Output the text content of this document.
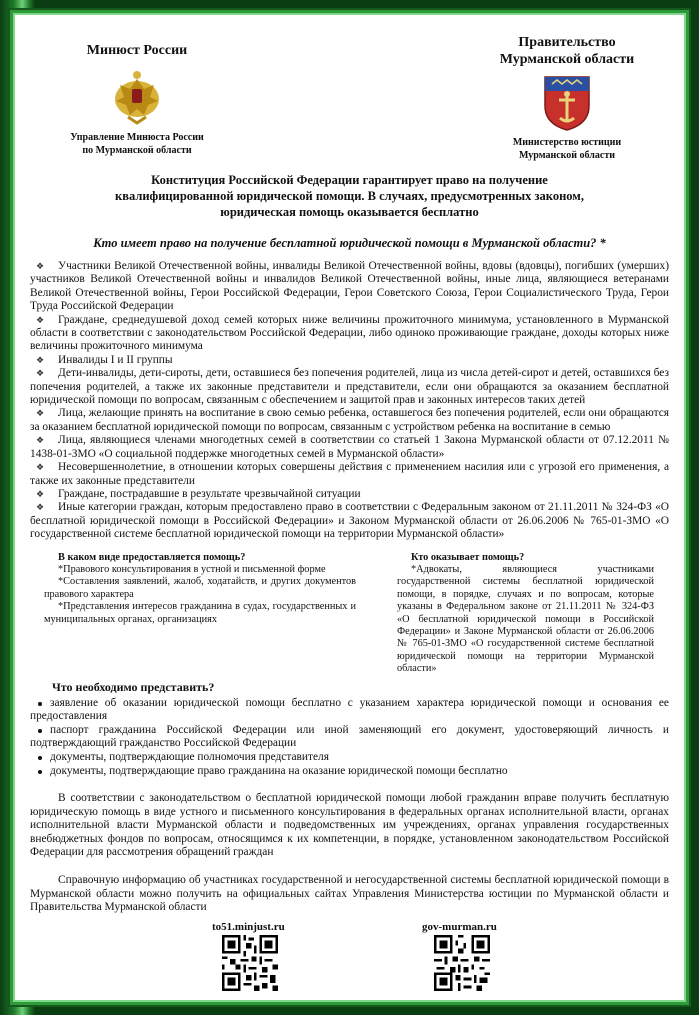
Минюст России
Управление Минюста России
по Мурманской области
Правительство
Мурманской области
Министерство юстиции
Мурманской области
Конституция Российской Федерации гарантирует право на получение
квалифицированной юридической помощи. В случаях, предусмотренных законом,
юридическая помощь оказывается бесплатно
Кто имеет право на получение бесплатной юридической помощи в Мурманской области? *
❖ Участники Великой Отечественной войны, инвалиды Великой Отечественной войны, вдовы (вдовцы), погибших (умерших) участников Великой Отечественной войны и инвалидов Великой Отечественной войны, иные лица, являющиеся ветеранами Великой Отечественной войны, Герои Российской Федерации, Герои Советского Союза, Герои Социалистического Труда, Герои Труда Российской Федерации
❖ Граждане, среднедушевой доход семей которых ниже величины прожиточного минимума, установленного в Мурманской области в соответствии с законодательством Российской Федерации, либо одиноко проживающие граждане, доходы которых ниже величины прожиточного минимума
❖ Инвалиды I и II группы
❖ Дети-инвалиды, дети-сироты, дети, оставшиеся без попечения родителей, лица из числа детей-сирот и детей, оставшихся без попечения родителей, а также их законные представители и представители, если они обращаются за оказанием бесплатной юридической помощи по вопросам, связанным с обеспечением и защитой прав и законных интересов таких детей
❖ Лица, желающие принять на воспитание в свою семью ребенка, оставшегося без попечения родителей, если они обращаются за оказанием бесплатной юридической помощи по вопросам, связанным с устройством ребенка на воспитание в семью
❖ Лица, являющиеся членами многодетных семей в соответствии со статьей 1 Закона Мурманской области от 07.12.2011 № 1438-01-ЗМО «О социальной поддержке многодетных семей в Мурманской области»
❖ Несовершеннолетние, в отношении которых совершены действия с применением насилия или с угрозой его применения, а также их законные представители
❖ Граждане, пострадавшие в результате чрезвычайной ситуации
❖ Иные категории граждан, которым предоставлено право в соответствии с Федеральным законом от 21.11.2011 № 324-ФЗ «О бесплатной юридической помощи в Российской Федерации» и Законом Мурманской области от 26.06.2006 № 765-01-ЗМО «О государственной системе бесплатной юридической помощи на территории Мурманской области»
В каком виде предоставляется помощь?
*Правового консультирования в устной и письменной форме
*Составления заявлений, жалоб, ходатайств, и других документов правового характера
*Представления интересов гражданина в судах, государственных и муниципальных органах, организациях
Кто оказывает помощь?
*Адвокаты, являющиеся участниками государственной системы бесплатной юридической помощи, в порядке, случаях и по вопросам, которые указаны в Федеральном законе от 21.11.2011 № 324-ФЗ «О бесплатной юридической помощи в Российской Федерации» и Законе Мурманской области от 26.06.2006 № 765-01-ЗМО «О государственной системе бесплатной юридической помощи на территории Мурманской области»
Что необходимо представить?
заявление об оказании юридической помощи бесплатно с указанием характера юридической помощи и основания ее предоставления
паспорт гражданина Российской Федерации или иной заменяющий его документ, удостоверяющий личность и подтверждающий гражданство Российской Федерации
документы, подтверждающие полномочия представителя
документы, подтверждающие право гражданина на оказание юридической помощи бесплатно
В соответствии с законодательством о бесплатной юридической помощи любой гражданин вправе получить бесплатную юридическую помощь в виде устного и письменного консультирования в федеральных органах исполнительной власти, органах исполнительной власти Мурманской области и подведомственных им учреждениях, органах управления государственных внебюджетных фондов по вопросам, относящимся к их компетенции, в порядке, установленном законодательством Российской Федерации для рассмотрения обращений граждан
Справочную информацию об участниках государственной и негосударственной системы бесплатной юридической помощи в Мурманской области можно получить на официальных сайтах Управления Министерства юстиции по Мурманской области и Правительства Мурманской области
to51.minjust.ru	gov-murman.ru
